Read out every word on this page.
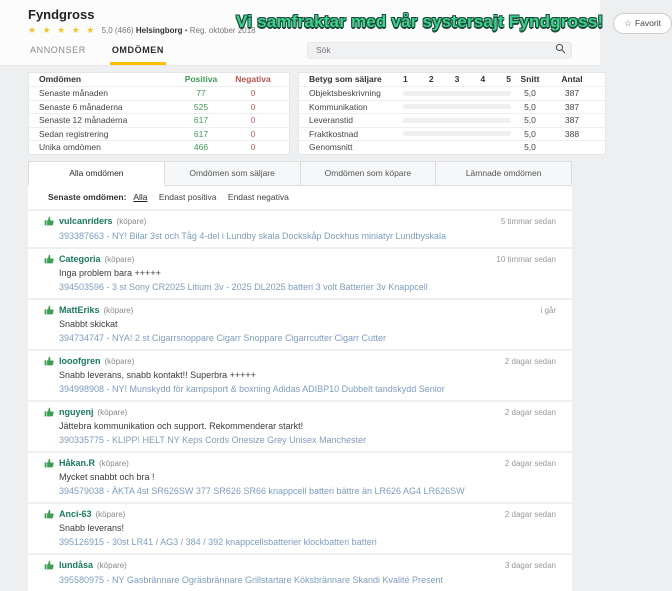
Fyndgross
★ ★ ★ ★ ★ 5,0 (466) Helsingborg • Reg. oktober 2018
Vi samfraktar med vår systersajt Fyndgross!	☆ Favorit
ANNONSER	OMDÖMEN
Sök
Omdömen	Positiva	Negativa
Senaste månaden	77	0
Senaste 6 månaderna	525	0
Senaste 12 månaderna	617	0
Sedan registrering	617	0
Unika omdömen	466	0
Betyg som säljare	1 2 3 4 5	Snitt	Antal
Objektsbeskrivning	5,0	387
Kommunikation	5,0	387
Leveranstid	5,0	387
Fraktkostnad	5,0	388
Genomsnitt	5,0
Alla omdömen	Omdömen som säljare	Omdömen som köpare	Lämnade omdömen
Senaste omdömen: Alla Endast positiva Endast negativa
vulcanriders (köpare)	5 timmar sedan
393387663 - NY! Bilar 3st och Tåg 4-del i Lundby skala Dockskåp Dockhus miniatyr Lundbyskala
Categoria (köpare)	10 timmar sedan
Inga problem bara +++++
394503596 - 3 st Sony CR2025 Litium 3v - 2025 DL2025 batteri 3 volt Batterier 3v Knappcell
MattEriks (köpare)	i går
Snabbt skickat
394734747 - NYA! 2 st Cigarrsnoppare Cigarr Snoppare Cigarrcutter Cigarr Cutter
looofgren (köpare)	2 dagar sedan
Snabb leverans, snabb kontakt!! Superbra +++++
394998908 - NY! Munskydd för kampsport & boxning Adidas ADIBP10 Dubbelt tandskydd Senior
nguyenj (köpare)	2 dagar sedan
Jättebra kommunikation och support. Rekommenderar starkt!
390335775 - KLIPP! HELT NY Keps Cords Onesize Grey Unisex Manchester
Håkan.R (köpare)	2 dagar sedan
Mycket snabbt och bra !
394579038 - ÄKTA 4st SR626SW 377 SR626 SR66 knappcell batteri bättre än LR626 AG4 LR626SW
Anci-63 (köpare)	2 dagar sedan
Snabb leverans!
395126915 - 30st LR41 / AG3 / 384 / 392 knappcellsbatterier klockbatteri batteri
lundåsa (köpare)	3 dagar sedan
395580975 - NY Gasbrännare Ogräsbrännare Grillstartare Köksbrännare Skandi Kvalité Present
